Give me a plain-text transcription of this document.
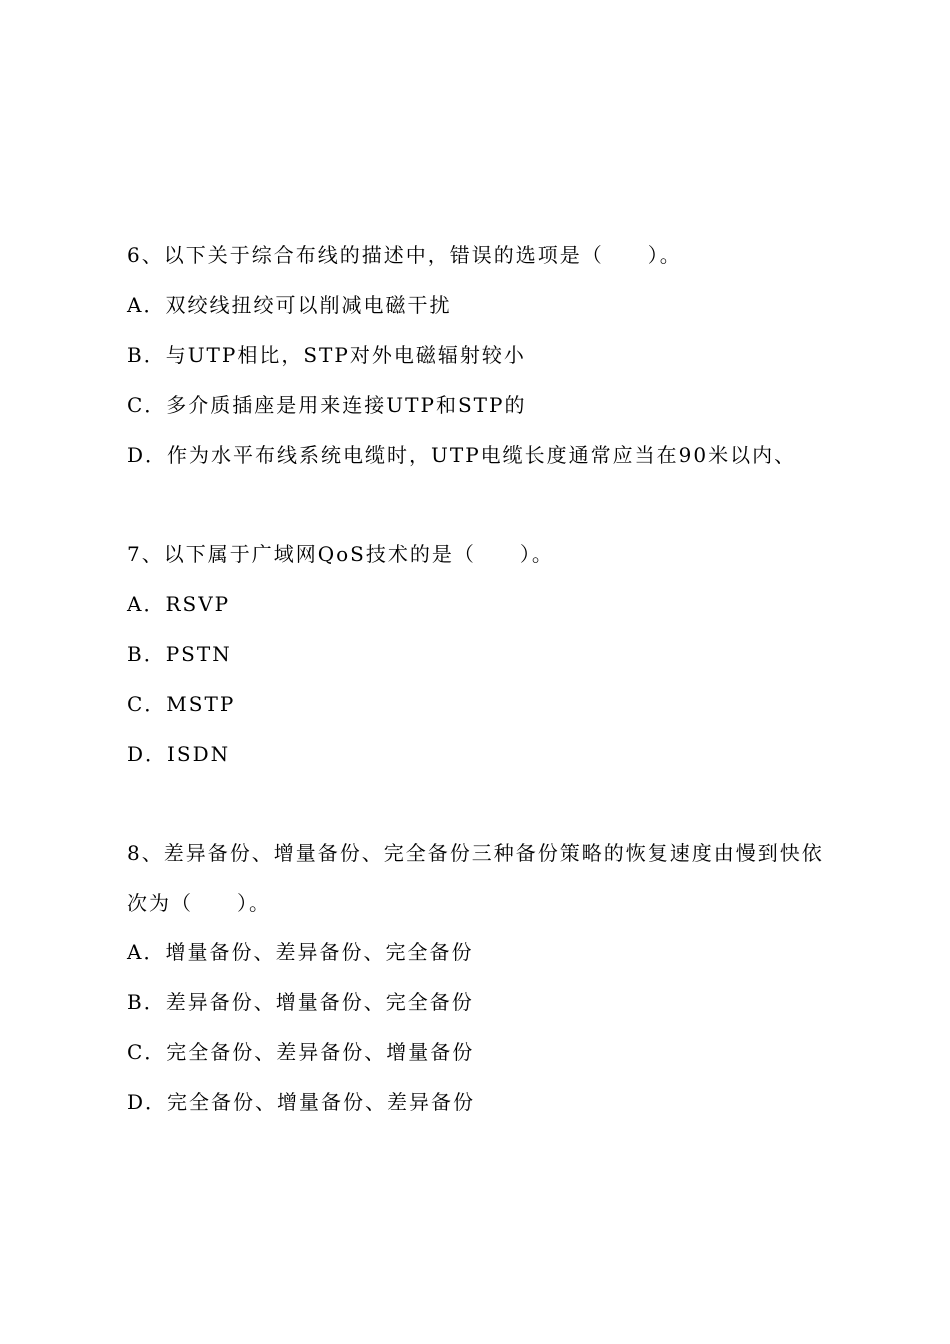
6、以下关于综合布线的描述中，错误的选项是（　　）。
A．双绞线扭绞可以削减电磁干扰
B．与UTP相比，STP对外电磁辐射较小
C．多介质插座是用来连接UTP和STP的
D．作为水平布线系统电缆时，UTP电缆长度通常应当在90米以内、
7、以下属于广域网QoS技术的是（　　）。
A．RSVP
B．PSTN
C．MSTP
D．ISDN
8、差异备份、增量备份、完全备份三种备份策略的恢复速度由慢到快依
次为（　　）。
A．增量备份、差异备份、完全备份
B．差异备份、增量备份、完全备份
C．完全备份、差异备份、增量备份
D．完全备份、增量备份、差异备份
